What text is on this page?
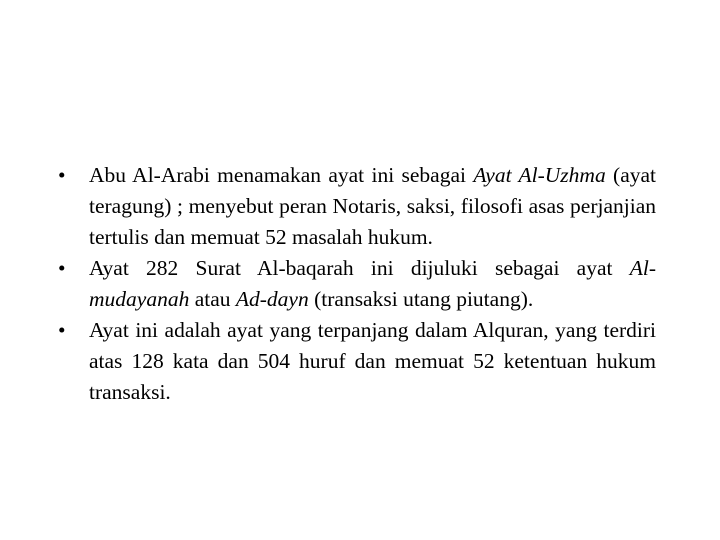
•	Abu Al-Arabi menamakan ayat ini sebagai Ayat Al-Uzhma (ayat teragung) ; menyebut peran Notaris, saksi, filosofi asas perjanjian tertulis dan memuat 52 masalah hukum.
•	Ayat 282 Surat Al-baqarah ini dijuluki sebagai ayat Al-mudayanah atau Ad-dayn (transaksi utang piutang).
•	Ayat ini adalah ayat yang terpanjang dalam Alquran, yang terdiri atas 128 kata dan 504 huruf dan memuat 52 ketentuan hukum transaksi.
